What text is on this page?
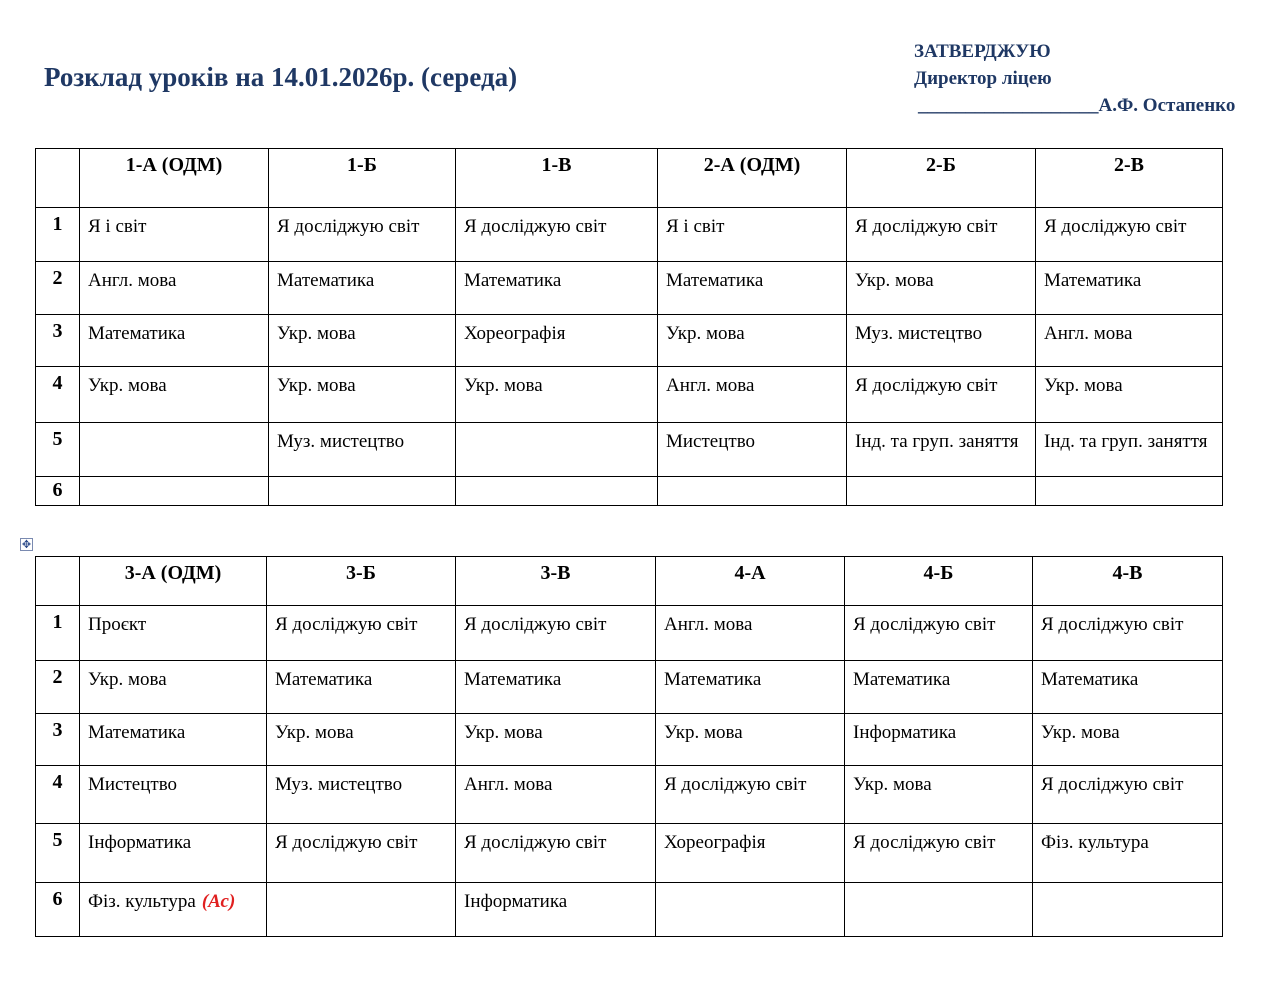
Розклад уроків на 14.01.2026р. (середа)
ЗАТВЕРДЖУЮ
Директор ліцею
___________________А.Ф. Остапенко
	1-А (ОДМ)	1-Б	1-В	2-А (ОДМ)	2-Б	2-В
1	Я і світ	Я досліджую світ	Я досліджую світ	Я і світ	Я досліджую світ	Я досліджую світ
2	Англ. мова	Математика	Математика	Математика	Укр. мова	Математика
3	Математика	Укр. мова	Хореографія	Укр. мова	Муз. мистецтво	Англ. мова
4	Укр. мова	Укр. мова	Укр. мова	Англ. мова	Я досліджую світ	Укр. мова
5		Муз. мистецтво		Мистецтво	Інд. та груп. заняття	Інд. та груп. заняття
6						
✥
	3-А (ОДМ)	3-Б	3-В	4-А	4-Б	4-В
1	Проєкт	Я досліджую світ	Я досліджую світ	Англ. мова	Я досліджую світ	Я досліджую світ
2	Укр. мова	Математика	Математика	Математика	Математика	Математика
3	Математика	Укр. мова	Укр. мова	Укр. мова	Інформатика	Укр. мова
4	Мистецтво	Муз. мистецтво	Англ. мова	Я досліджую світ	Укр. мова	Я досліджую світ
5	Інформатика	Я досліджую світ	Я досліджую світ	Хореографія	Я досліджую світ	Фіз. культура
6	Фіз. культура (Ас)		Інформатика			
